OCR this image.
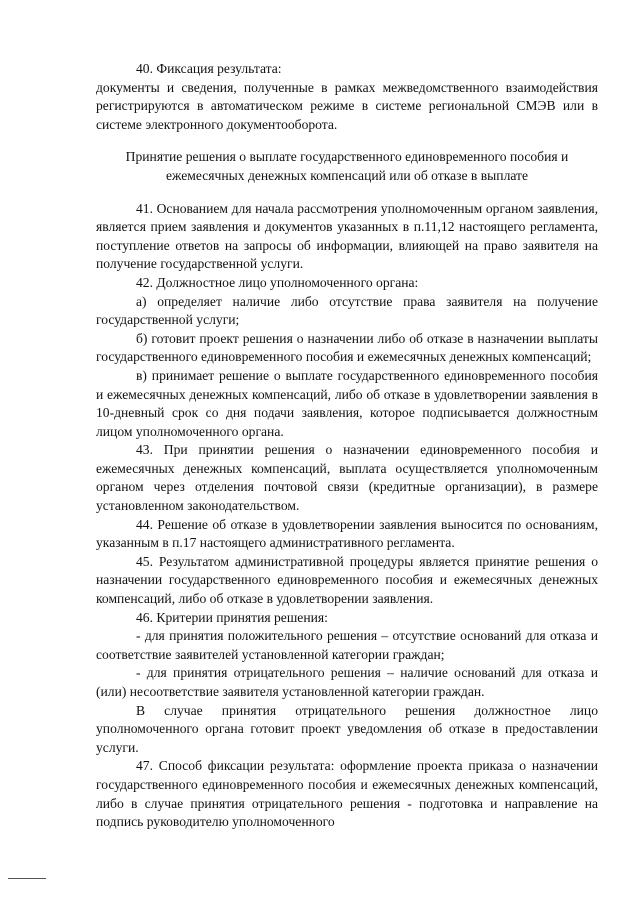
40. Фиксация результата:

документы и сведения, полученные в рамках межведомственного взаимодействия регистрируются в автоматическом режиме в системе региональной СМЭВ или в системе электронного документооборота.

Принятие решения о выплате государственного единовременного пособия и ежемесячных денежных компенсаций или об отказе в выплате

41. Основанием для начала рассмотрения уполномоченным органом заявления, является прием заявления и документов указанных в п.11,12 настоящего регламента, поступление ответов на запросы об информации, влияющей на право заявителя на получение государственной услуги.

42. Должностное лицо уполномоченного органа:

а) определяет наличие либо отсутствие права заявителя на получение государственной услуги;

б) готовит проект решения о назначении либо об отказе в назначении выплаты государственного единовременного пособия и ежемесячных денежных компенсаций;

в) принимает решение о выплате государственного единовременного пособия и ежемесячных денежных компенсаций, либо об отказе в удовлетворении заявления в 10-дневный срок со дня подачи заявления, которое подписывается должностным лицом уполномоченного органа.

43. При принятии решения о назначении единовременного пособия и ежемесячных денежных компенсаций, выплата осуществляется уполномоченным органом через отделения почтовой связи (кредитные организации), в размере установленном законодательством.

44. Решение об отказе в удовлетворении заявления выносится по основаниям, указанным в п.17 настоящего административного регламента.

45. Результатом административной процедуры является принятие решения о назначении государственного единовременного пособия и ежемесячных денежных компенсаций, либо об отказе в удовлетворении заявления.

46. Критерии принятия решения:

- для принятия положительного решения – отсутствие оснований для отказа и соответствие заявителей установленной категории граждан;

- для принятия отрицательного решения – наличие оснований для отказа и (или) несоответствие заявителя установленной категории граждан.

В случае принятия отрицательного решения должностное лицо уполномоченного органа готовит проект уведомления об отказе в предоставлении услуги.

47. Способ фиксации результата: оформление проекта приказа о назначении государственного единовременного пособия и ежемесячных денежных компенсаций, либо в случае принятия отрицательного решения - подготовка и направление на подпись руководителю уполномоченного
